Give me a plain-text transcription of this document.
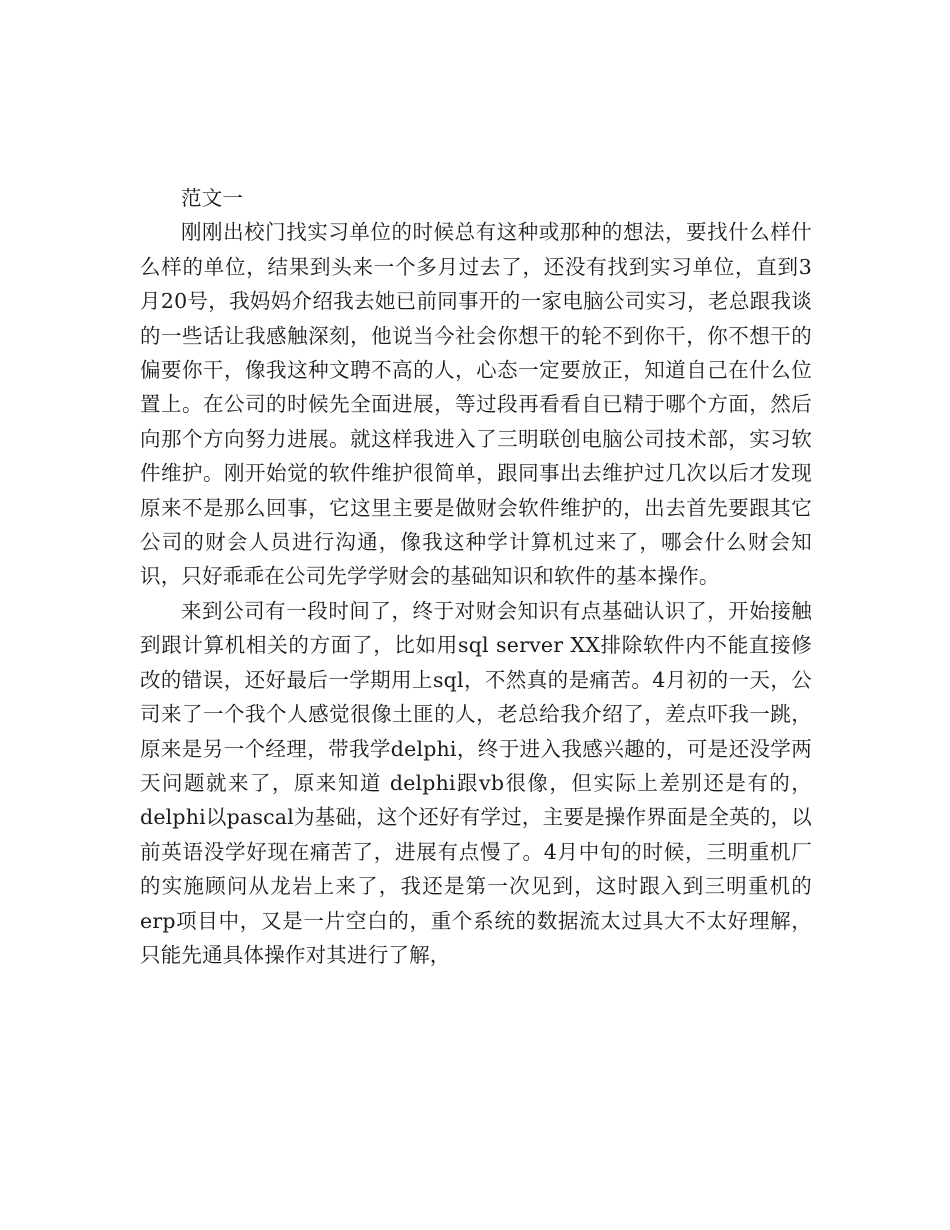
范文一

刚刚出校门找实习单位的时候总有这种或那种的想法，要找什么样什么样的单位，结果到头来一个多月过去了，还没有找到实习单位，直到3月20号，我妈妈介绍我去她已前同事开的一家电脑公司实习，老总跟我谈的一些话让我感触深刻，他说当今社会你想干的轮不到你干，你不想干的偏要你干，像我这种文聘不高的人，心态一定要放正，知道自己在什么位置上。在公司的时候先全面进展，等过段再看看自已精于哪个方面，然后向那个方向努力进展。就这样我进入了三明联创电脑公司技术部，实习软件维护。刚开始觉的软件维护很简单，跟同事出去维护过几次以后才发现原来不是那么回事，它这里主要是做财会软件维护的，出去首先要跟其它公司的财会人员进行沟通，像我这种学计算机过来了，哪会什么财会知识，只好乖乖在公司先学学财会的基础知识和软件的基本操作。

来到公司有一段时间了，终于对财会知识有点基础认识了，开始接触到跟计算机相关的方面了，比如用sql server XX排除软件内不能直接修改的错误，还好最后一学期用上sql，不然真的是痛苦。4月初的一天，公司来了一个我个人感觉很像土匪的人，老总给我介绍了，差点吓我一跳，原来是另一个经理，带我学delphi，终于进入我感兴趣的，可是还没学两天问题就来了，原来知道 delphi跟vb很像，但实际上差别还是有的，delphi以pascal为基础，这个还好有学过，主要是操作界面是全英的，以前英语没学好现在痛苦了，进展有点慢了。4月中旬的时候，三明重机厂的实施顾问从龙岩上来了，我还是第一次见到，这时跟入到三明重机的erp项目中，又是一片空白的，重个系统的数据流太过具大不太好理解，只能先通具体操作对其进行了解，
